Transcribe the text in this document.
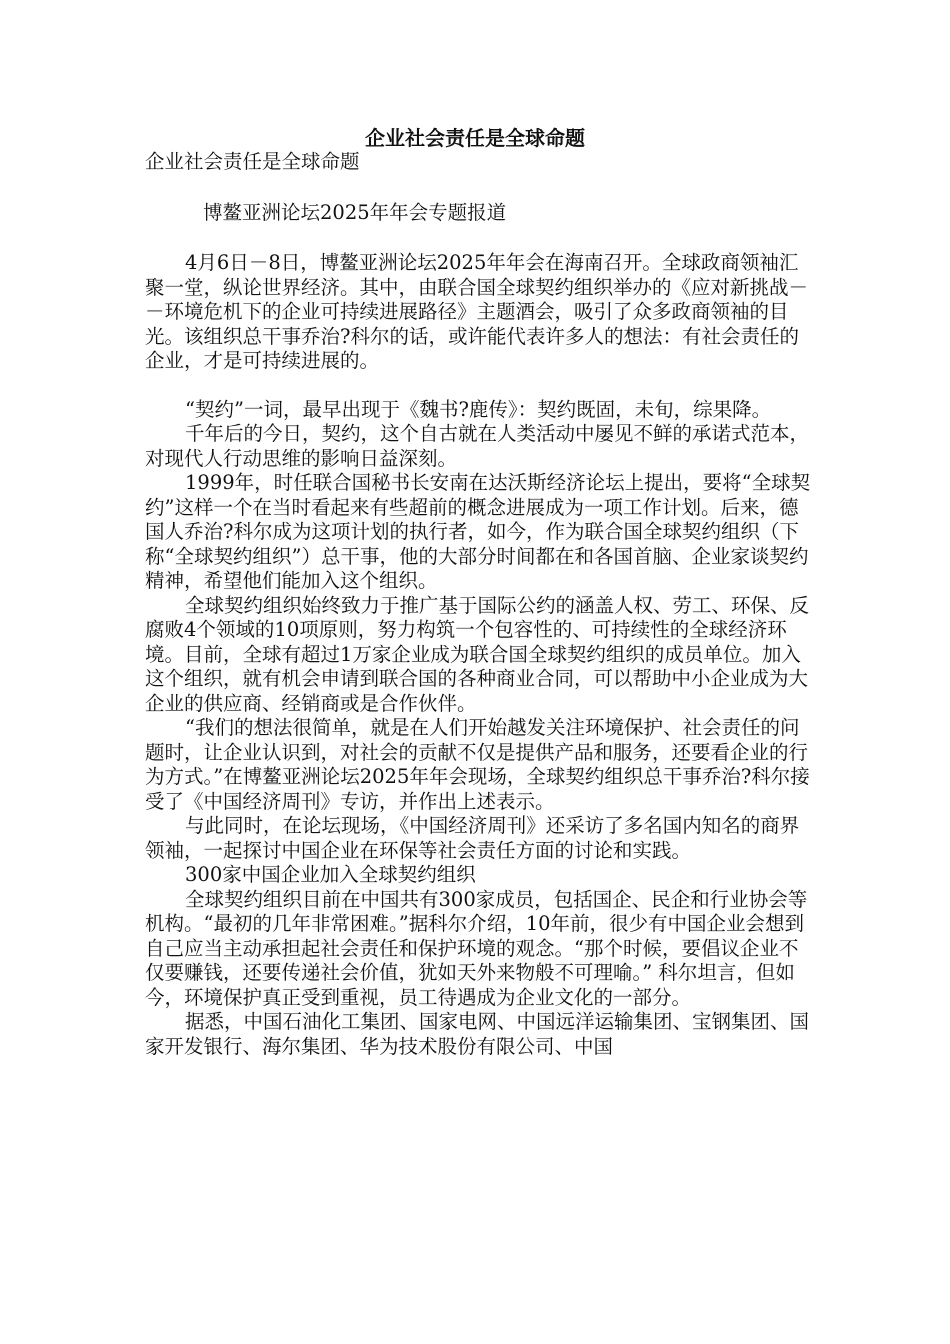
企业社会责任是全球命题

企业社会责任是全球命题

博鳌亚洲论坛2025年年会专题报道

4月6日－8日，博鳌亚洲论坛2025年年会在海南召开。全球政商领袖汇聚一堂，纵论世界经济。其中，由联合国全球契约组织举办的《应对新挑战－－环境危机下的企业可持续进展路径》主题酒会，吸引了众多政商领袖的目光。该组织总干事乔治?科尔的话，或许能代表许多人的想法：有社会责任的企业，才是可持续进展的。

“契约”一词，最早出现于《魏书?鹿传》：契约既固，未旬，综果降。

千年后的今日，契约，这个自古就在人类活动中屡见不鲜的承诺式范本，对现代人行动思维的影响日益深刻。

1999年，时任联合国秘书长安南在达沃斯经济论坛上提出，要将“全球契约”这样一个在当时看起来有些超前的概念进展成为一项工作计划。后来，德国人乔治?科尔成为这项计划的执行者，如今，作为联合国全球契约组织（下称“全球契约组织”）总干事，他的大部分时间都在和各国首脑、企业家谈契约精神，希望他们能加入这个组织。

全球契约组织始终致力于推广基于国际公约的涵盖人权、劳工、环保、反腐败4个领域的10项原则，努力构筑一个包容性的、可持续性的全球经济环境。目前，全球有超过1万家企业成为联合国全球契约组织的成员单位。加入这个组织，就有机会申请到联合国的各种商业合同，可以帮助中小企业成为大企业的供应商、经销商或是合作伙伴。

“我们的想法很简单，就是在人们开始越发关注环境保护、社会责任的问题时，让企业认识到，对社会的贡献不仅是提供产品和服务，还要看企业的行为方式。”在博鳌亚洲论坛2025年年会现场，全球契约组织总干事乔治?科尔接受了《中国经济周刊》专访，并作出上述表示。

与此同时，在论坛现场，《中国经济周刊》还采访了多名国内知名的商界领袖，一起探讨中国企业在环保等社会责任方面的讨论和实践。

300家中国企业加入全球契约组织

全球契约组织目前在中国共有300家成员，包括国企、民企和行业协会等机构。“最初的几年非常困难。”据科尔介绍，10年前，很少有中国企业会想到自己应当主动承担起社会责任和保护环境的观念。“那个时候，要倡议企业不仅要赚钱，还要传递社会价值，犹如天外来物般不可理喻。” 科尔坦言，但如今，环境保护真正受到重视，员工待遇成为企业文化的一部分。

据悉，中国石油化工集团、国家电网、中国远洋运输集团、宝钢集团、国家开发银行、海尔集团、华为技术股份有限公司、中国
